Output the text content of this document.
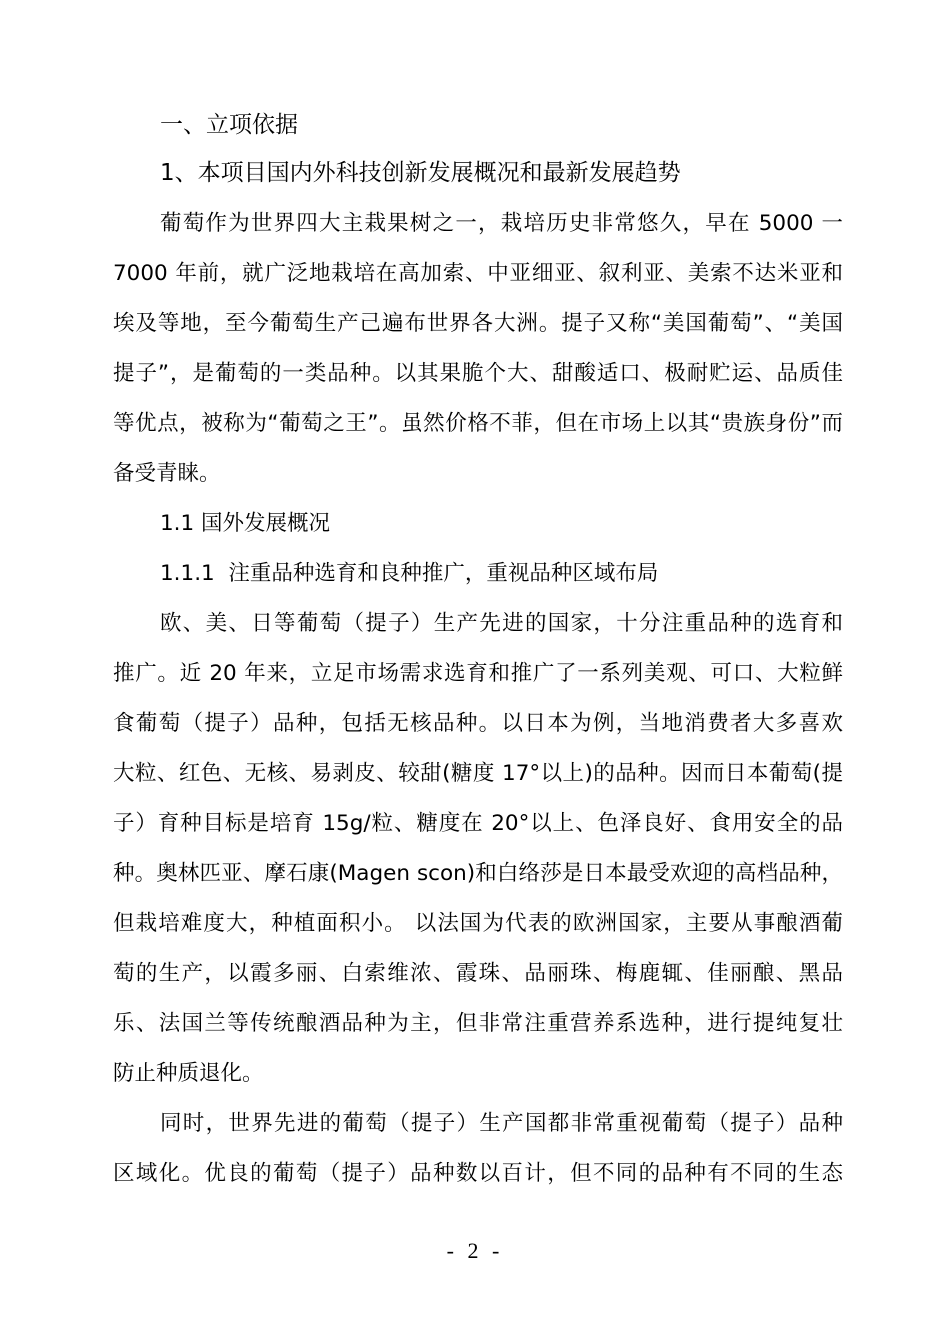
一、立项依据
1、本项目国内外科技创新发展概况和最新发展趋势
葡萄作为世界四大主栽果树之一，栽培历史非常悠久，早在 5000 一
7000 年前，就广泛地栽培在高加索、中亚细亚、叙利亚、美索不达米亚和
埃及等地，至今葡萄生产己遍布世界各大洲。提子又称“美国葡萄”、“美国
提子”，是葡萄的一类品种。以其果脆个大、甜酸适口、极耐贮运、品质佳
等优点，被称为“葡萄之王”。虽然价格不菲，但在市场上以其“贵族身份”而
备受青睐。
1.1 国外发展概况
1.1.1  注重品种选育和良种推广，重视品种区域布局
欧、美、日等葡萄（提子）生产先进的国家，十分注重品种的选育和
推广。近 20 年来，立足市场需求选育和推广了一系列美观、可口、大粒鲜
食葡萄（提子）品种，包括无核品种。以日本为例，当地消费者大多喜欢
大粒、红色、无核、易剥皮、较甜(糖度 17°以上)的品种。因而日本葡萄(提
子）育种目标是培育 15g/粒、糖度在 20°以上、色泽良好、食用安全的品
种。奥林匹亚、摩石康(Magen scon)和白络莎是日本最受欢迎的高档品种，
但栽培难度大，种植面积小。 以法国为代表的欧洲国家，主要从事酿酒葡
萄的生产，以霞多丽、白索维浓、霞珠、品丽珠、梅鹿辄、佳丽酿、黑品
乐、法国兰等传统酿酒品种为主，但非常注重营养系选种，进行提纯复壮
防止种质退化。
同时，世界先进的葡萄（提子）生产国都非常重视葡萄（提子）品种
区域化。优良的葡萄（提子）品种数以百计，但不同的品种有不同的生态
- 2 -
